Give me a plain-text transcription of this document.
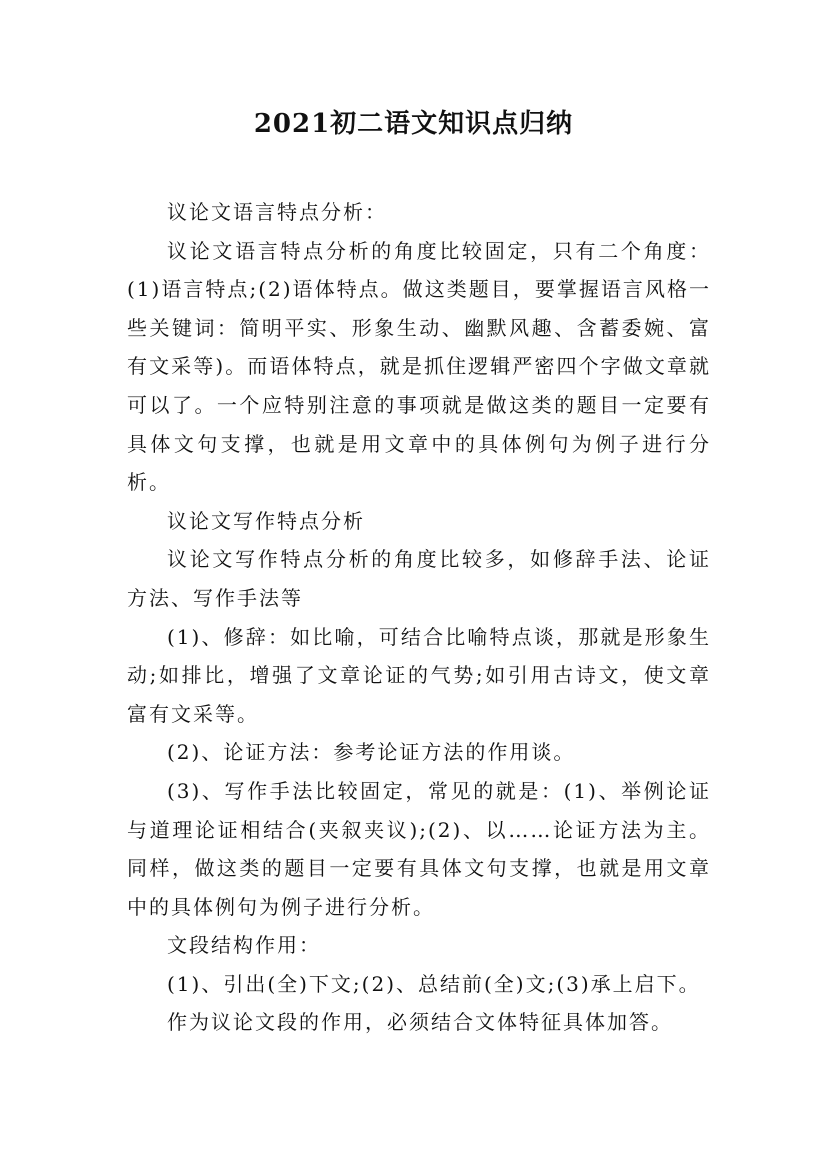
2021初二语文知识点归纳

议论文语言特点分析：

议论文语言特点分析的角度比较固定，只有二个角度：(1)语言特点;(2)语体特点。做这类题目，要掌握语言风格一些关键词：简明平实、形象生动、幽默风趣、含蓄委婉、富有文采等)。而语体特点，就是抓住逻辑严密四个字做文章就可以了。一个应特别注意的事项就是做这类的题目一定要有具体文句支撑，也就是用文章中的具体例句为例子进行分析。

议论文写作特点分析

议论文写作特点分析的角度比较多，如修辞手法、论证方法、写作手法等

(1)、修辞：如比喻，可结合比喻特点谈，那就是形象生动;如排比，增强了文章论证的气势;如引用古诗文，使文章富有文采等。

(2)、论证方法：参考论证方法的作用谈。

(3)、写作手法比较固定，常见的就是：(1)、举例论证与道理论证相结合(夹叙夹议);(2)、以……论证方法为主。同样，做这类的题目一定要有具体文句支撑，也就是用文章中的具体例句为例子进行分析。

文段结构作用：

(1)、引出(全)下文;(2)、总结前(全)文;(3)承上启下。

作为议论文段的作用，必须结合文体特征具体加答。
